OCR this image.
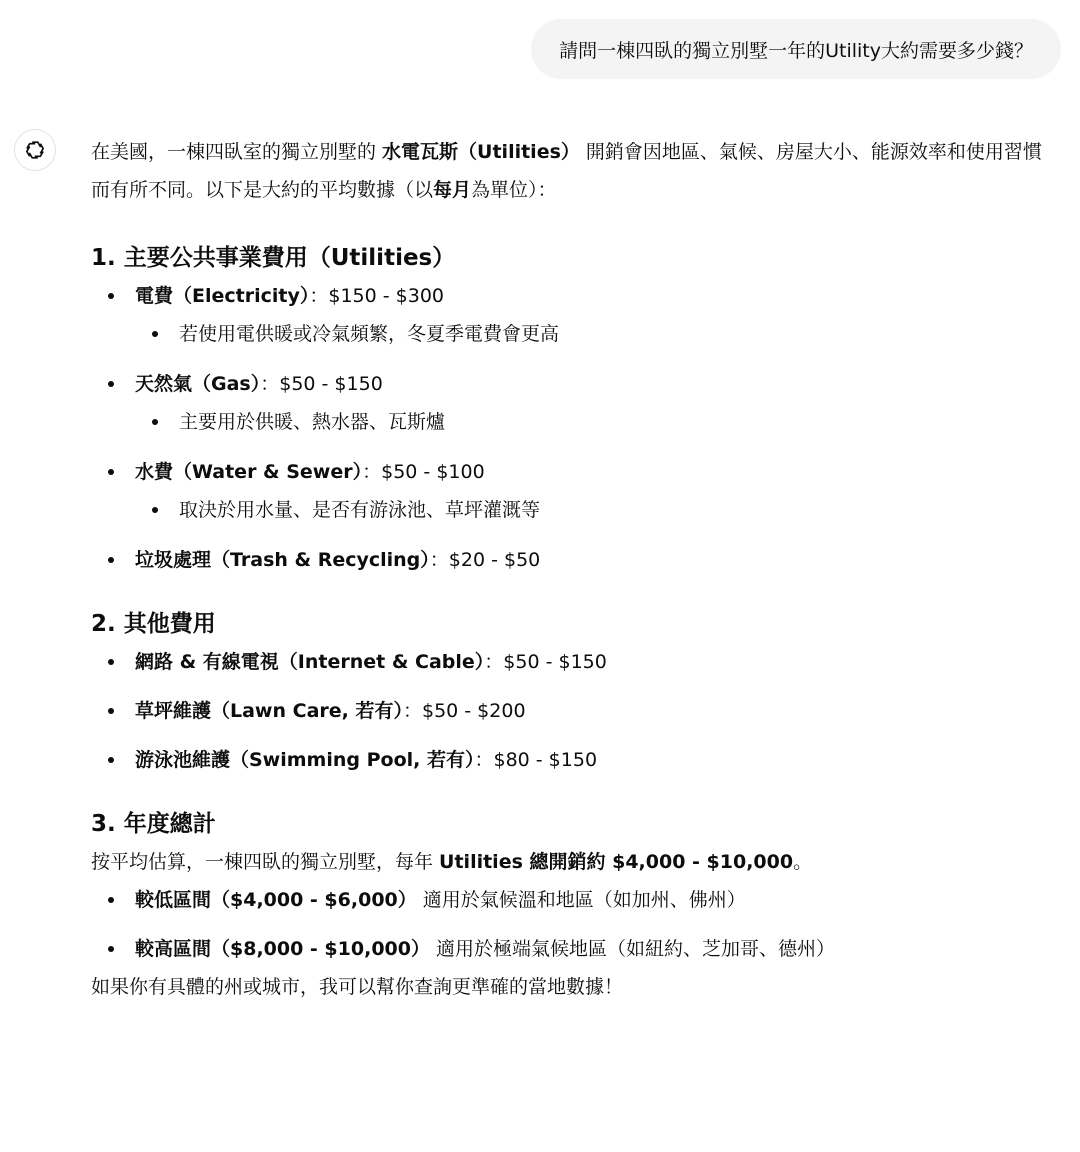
請問一棟四臥的獨立別墅一年的Utility大約需要多少錢？

在美國，一棟四臥室的獨立別墅的 水電瓦斯（Utilities） 開銷會因地區、氣候、房屋大小、能源效率和使用習慣而有所不同。以下是大約的平均數據（以每月為單位）：

1. 主要公共事業費用（Utilities）
電費（Electricity）：$150 - $300
若使用電供暖或冷氣頻繁，冬夏季電費會更高
天然氣（Gas）：$50 - $150
主要用於供暖、熱水器、瓦斯爐
水費（Water & Sewer）：$50 - $100
取決於用水量、是否有游泳池、草坪灌溉等
垃圾處理（Trash & Recycling）：$20 - $50
2. 其他費用
網路 & 有線電視（Internet & Cable）：$50 - $150
草坪維護（Lawn Care, 若有）：$50 - $200
游泳池維護（Swimming Pool, 若有）：$80 - $150
3. 年度總計

按平均估算，一棟四臥的獨立別墅，每年 Utilities 總開銷約 $4,000 - $10,000。

較低區間（$4,000 - $6,000） 適用於氣候溫和地區（如加州、佛州）
較高區間（$8,000 - $10,000） 適用於極端氣候地區（如紐約、芝加哥、德州）

如果你有具體的州或城市，我可以幫你查詢更準確的當地數據！
